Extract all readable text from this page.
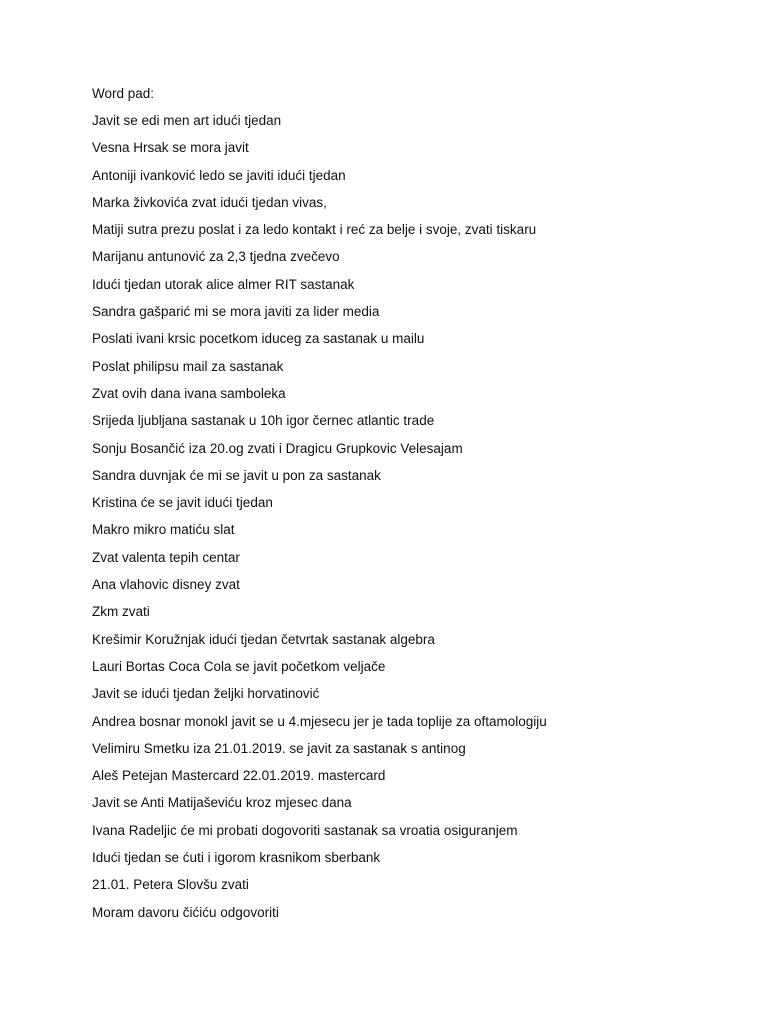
Word pad:
Javit se edi men art idući tjedan
Vesna Hrsak se mora javit
Antoniji ivanković ledo se javiti idući tjedan
Marka živkovića zvat idući tjedan vivas,
Matiji sutra prezu poslat i za ledo kontakt i reć za belje i svoje, zvati tiskaru
Marijanu antunović za 2,3 tjedna zvečevo
Idući tjedan utorak alice almer RIT sastanak
Sandra gašparić mi se mora javiti za lider media
Poslati ivani krsic pocetkom iduceg za sastanak u mailu
Poslat philipsu mail za sastanak
Zvat ovih dana ivana samboleka
Srijeda ljubljana sastanak u 10h igor černec atlantic trade
Sonju Bosančić iza 20.og zvati i Dragicu Grupkovic Velesajam
Sandra duvnjak će mi se javit u pon za sastanak
Kristina će se javit idući tjedan
Makro mikro matiću slat
Zvat valenta tepih centar
Ana vlahovic disney zvat
Zkm zvati
Krešimir Koružnjak idući tjedan četvrtak sastanak algebra
Lauri Bortas Coca Cola se javit početkom veljače
Javit se idući tjedan željki horvatinović
Andrea bosnar monokl javit se u 4.mjesecu jer je tada toplije za oftamologiju
Velimiru Smetku iza 21.01.2019. se javit za sastanak s antinog
Aleš Petejan Mastercard 22.01.2019. mastercard
Javit se Anti Matijaševiću kroz mjesec dana
Ivana Radeljic će mi probati dogovoriti sastanak sa vroatia osiguranjem
Idući tjedan se ćuti i igorom krasnikom sberbank
21.01. Petera Slovšu zvati
Moram davoru čićiću odgovoriti
